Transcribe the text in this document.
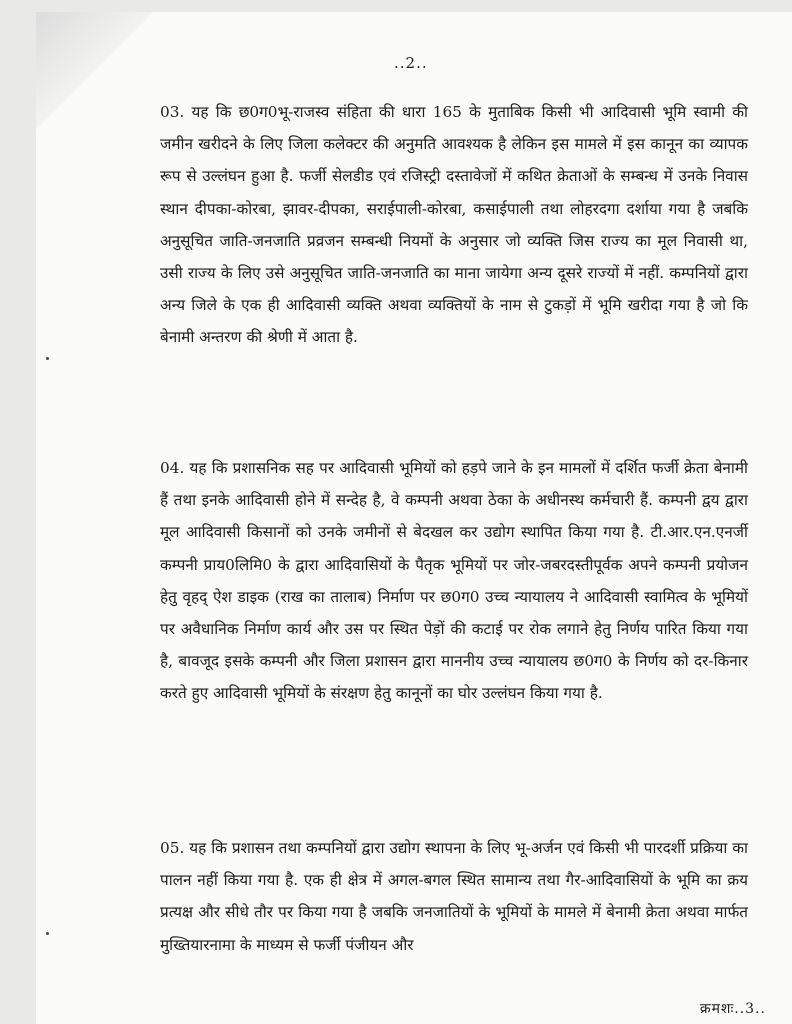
..2..

03. यह कि छ0ग0भू-राजस्व संहिता की धारा 165 के मुताबिक किसी भी आदिवासी भूमि स्वामी की जमीन खरीदने के लिए जिला कलेक्टर की अनुमति आवश्यक है लेकिन इस मामले में इस कानून का व्यापक रूप से उल्लंघन हुआ है. फर्जी सेलडीड एवं रजिस्ट्री दस्तावेजों में कथित क्रेताओं के सम्बन्ध में उनके निवास स्थान दीपका-कोरबा, झावर-दीपका, सराईपाली-कोरबा, कसाईपाली तथा लोहरदगा दर्शाया गया है जबकि अनुसूचित जाति-जनजाति प्रव्रजन सम्बन्धी नियमों के अनुसार जो व्यक्ति जिस राज्य का मूल निवासी था, उसी राज्य के लिए उसे अनुसूचित जाति-जनजाति का माना जायेगा अन्य दूसरे राज्यों में नहीं. कम्पनियों द्वारा अन्य जिले के एक ही आदिवासी व्यक्ति अथवा व्यक्तियों के नाम से टुकड़ों में भूमि खरीदा गया है जो कि बेनामी अन्तरण की श्रेणी में आता है.

04. यह कि प्रशासनिक सह पर आदिवासी भूमियों को हड़पे जाने के इन मामलों में दर्शित फर्जी क्रेता बेनामी हैं तथा इनके आदिवासी होने में सन्देह है, वे कम्पनी अथवा ठेका के अधीनस्थ कर्मचारी हैं. कम्पनी द्वय द्वारा मूल आदिवासी किसानों को उनके जमीनों से बेदखल कर उद्योग स्थापित किया गया है. टी.आर.एन.एनर्जी कम्पनी प्राय0लिमि0 के द्वारा आदिवासियों के पैतृक भूमियों पर जोर-जबरदस्तीपूर्वक अपने कम्पनी प्रयोजन हेतु वृहद् ऐश डाइक (राख का तालाब) निर्माण पर छ0ग0 उच्च न्यायालय ने आदिवासी स्वामित्व के भूमियों पर अवैधानिक निर्माण कार्य और उस पर स्थित पेड़ों की कटाई पर रोक लगाने हेतु निर्णय पारित किया गया है, बावजूद इसके कम्पनी और जिला प्रशासन द्वारा माननीय उच्च न्यायालय छ0ग0 के निर्णय को दर-किनार करते हुए आदिवासी भूमियों के संरक्षण हेतु कानूनों का घोर उल्लंघन किया गया है.

05. यह कि प्रशासन तथा कम्पनियों द्वारा उद्योग स्थापना के लिए भू-अर्जन एवं किसी भी पारदर्शी प्रक्रिया का पालन नहीं किया गया है. एक ही क्षेत्र में अगल-बगल स्थित सामान्य तथा गैर-आदिवासियों के भूमि का क्रय प्रत्यक्ष और सीधे तौर पर किया गया है जबकि जनजातियों के भूमियों के मामले में बेनामी क्रेता अथवा मार्फत मुख्तियारनामा के माध्यम से फर्जी पंजीयन और

क्रमशः..3..
